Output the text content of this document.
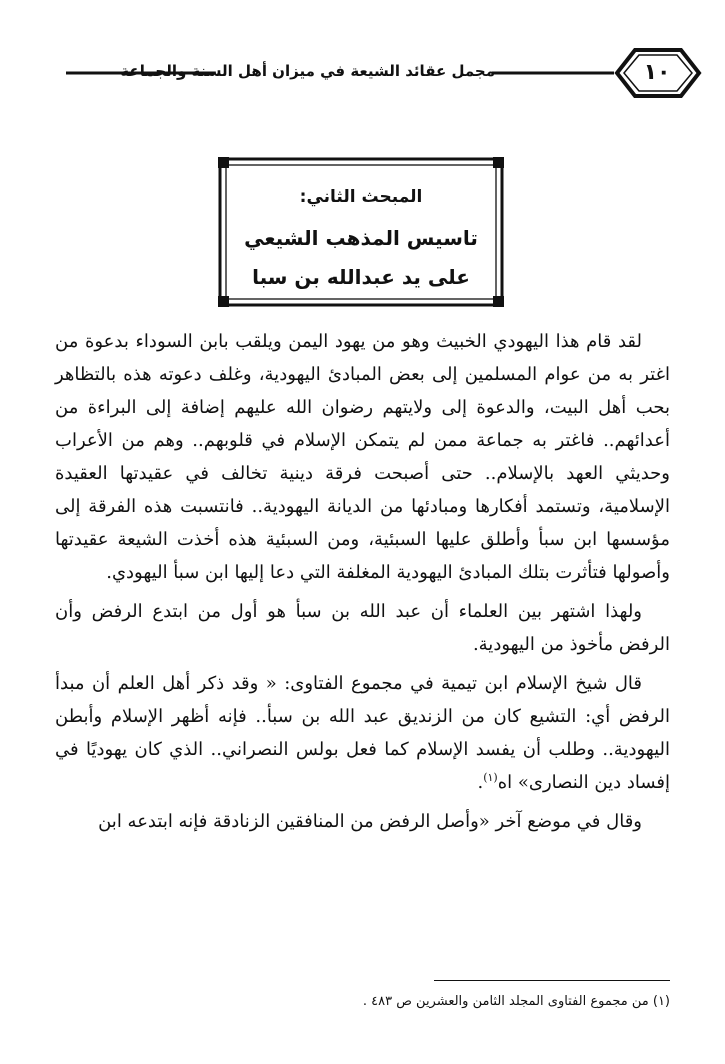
مجمل عقائد الشيعة في ميزان أهل السنة والجماعة	١٠
المبحث الثاني:
تاسيس المذهب الشيعي
على يد عبدالله بن سبا

لقد قام هذا اليهودي الخبيث وهو من يهود اليمن ويلقب بابن السوداء بدعوة من اغتر به من عوام المسلمين إلى بعض المبادئ اليهودية، وغلف دعوته هذه بالتظاهر بحب أهل البيت، والدعوة إلى ولايتهم رضوان الله عليهم إضافة إلى البراءة من أعدائهم.. فاغتر به جماعة ممن لم يتمكن الإسلام في قلوبهم.. وهم من الأعراب وحديثي العهد بالإسلام.. حتى أصبحت فرقة دينية تخالف في عقيدتها العقيدة الإسلامية، وتستمد أفكارها ومبادئها من الديانة اليهودية.. فانتسبت هذه الفرقة إلى مؤسسها ابن سبأ وأطلق عليها السبئية، ومن السبئية هذه أخذت الشيعة عقيدتها وأصولها فتأثرت بتلك المبادئ اليهودية المغلفة التي دعا إليها ابن سبأ اليهودي.

ولهذا اشتهر بين العلماء أن عبد الله بن سبأ هو أول من ابتدع الرفض وأن الرفض مأخوذ من اليهودية.

قال شيخ الإسلام ابن تيمية في مجموع الفتاوى: « وقد ذكر أهل العلم أن مبدأ الرفض أي: التشيع كان من الزنديق عبد الله بن سبأ.. فإنه أظهر الإسلام وأبطن اليهودية.. وطلب أن يفسد الإسلام كما فعل بولس النصراني.. الذي كان يهوديًا في إفساد دين النصارى» اه$^{(١)}$.

وقال في موضع آخر «وأصل الرفض من المنافقين الزنادقة فإنه ابتدعه ابن

(١) من مجموع الفتاوى المجلد الثامن والعشرين ص ٤٨٣ .
